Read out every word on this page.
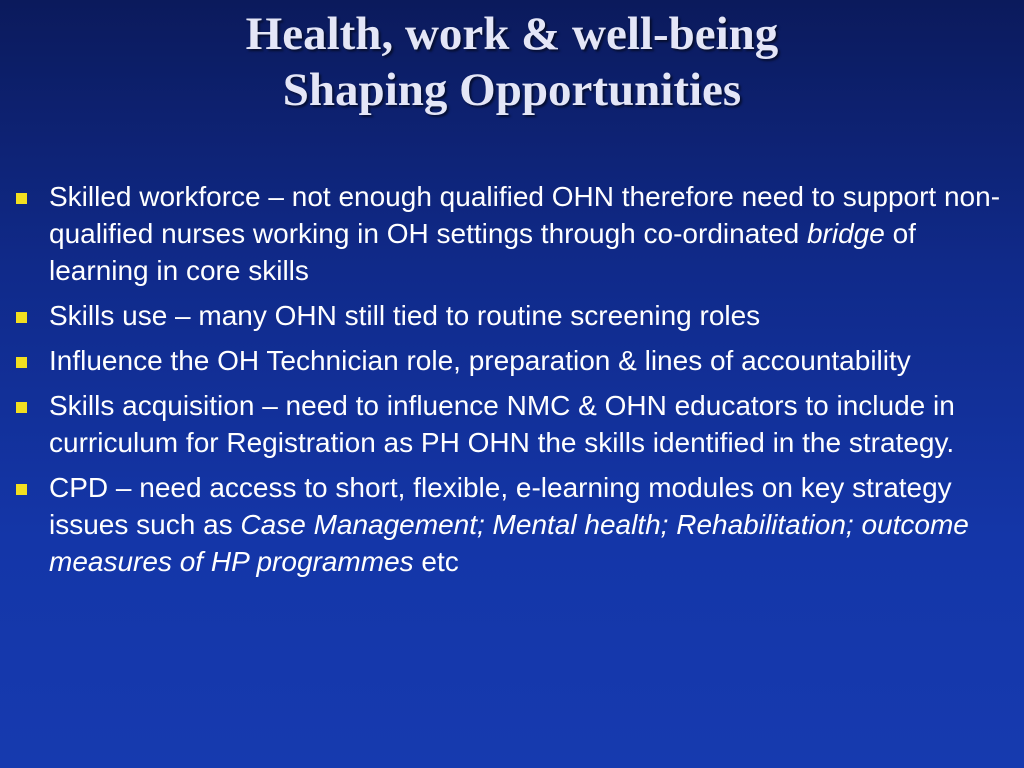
Health, work & well-being
Shaping Opportunities
Skilled workforce – not enough qualified OHN therefore need to support non-qualified nurses working in OH settings through co-ordinated bridge of learning in core skills
Skills use – many OHN still tied to routine screening roles
Influence the OH Technician role, preparation & lines of accountability
Skills acquisition – need to influence NMC & OHN educators to include in curriculum for Registration as PH OHN the skills identified in the strategy.
CPD – need access to short, flexible, e-learning modules on key strategy issues such as Case Management; Mental health; Rehabilitation; outcome measures of HP programmes etc
